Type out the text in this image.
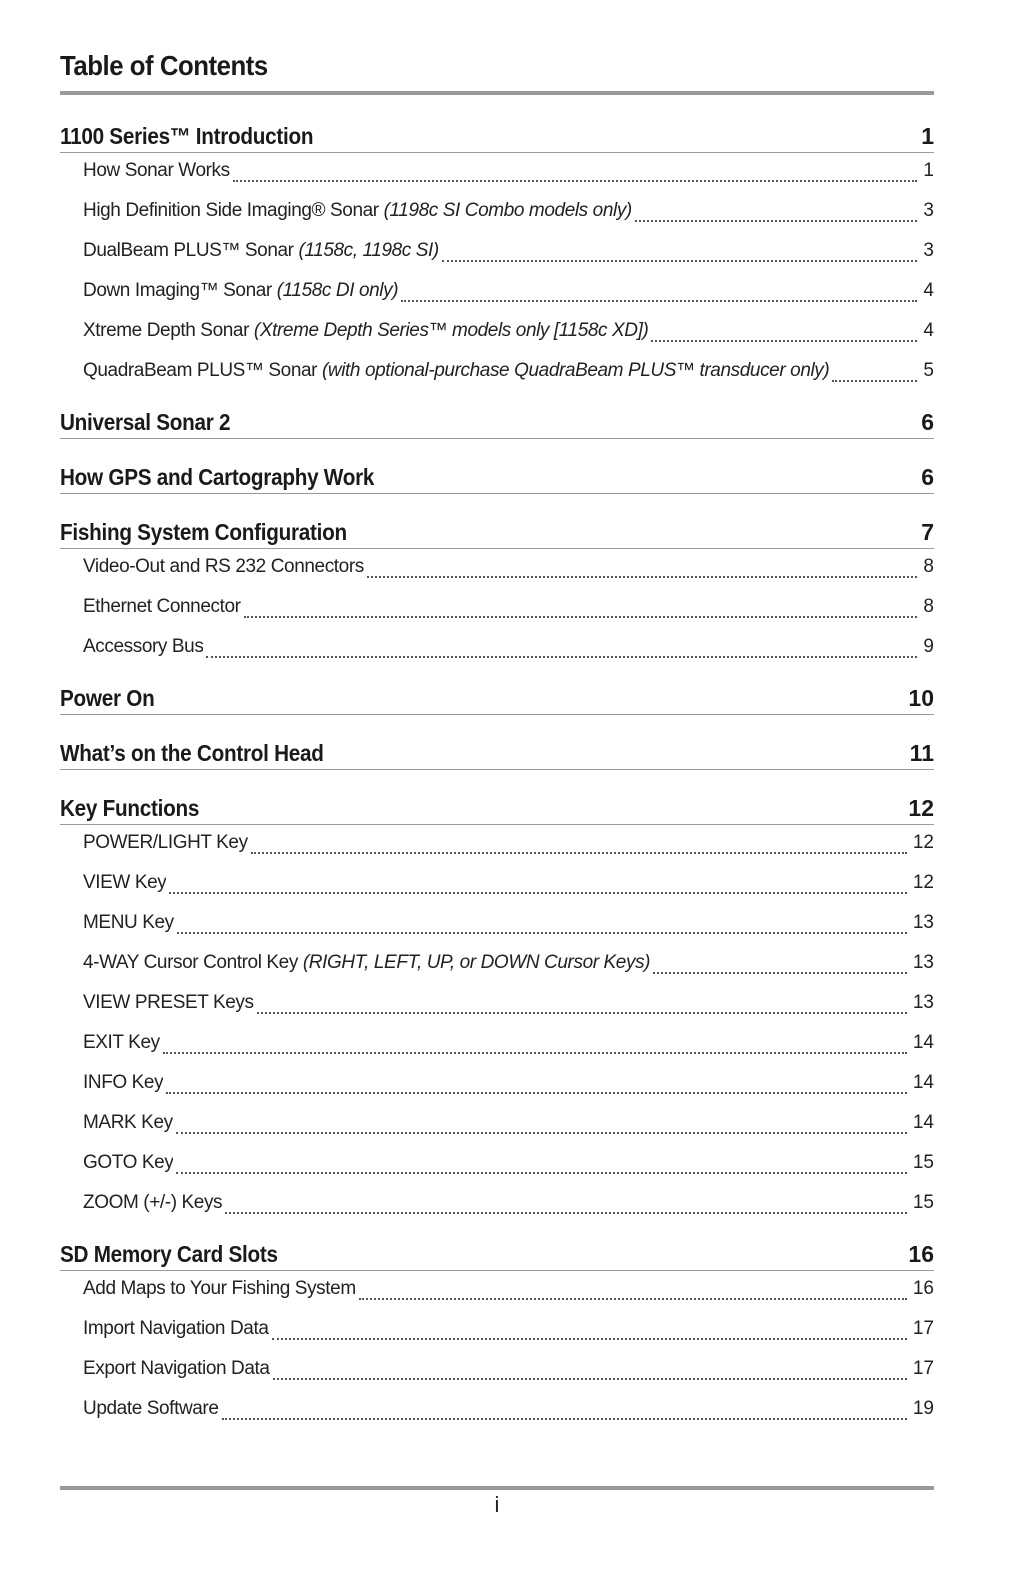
Table of Contents
1100 Series™ Introduction	1
How Sonar Works	1
High Definition Side Imaging® Sonar (1198c SI Combo models only)	3
DualBeam PLUS™ Sonar (1158c, 1198c SI)	3
Down Imaging™ Sonar (1158c DI only)	4
Xtreme Depth Sonar (Xtreme Depth Series™ models only [1158c XD])	4
QuadraBeam PLUS™ Sonar (with optional-purchase QuadraBeam PLUS™ transducer only)	5
Universal Sonar 2	6
How GPS and Cartography Work	6
Fishing System Configuration	7
Video-Out and RS 232 Connectors	8
Ethernet Connector	8
Accessory Bus	9
Power On	10
What’s on the Control Head	11
Key Functions	12
POWER/LIGHT Key	12
VIEW Key	12
MENU Key	13
4-WAY Cursor Control Key (RIGHT, LEFT, UP, or DOWN Cursor Keys)	13
VIEW PRESET Keys	13
EXIT Key	14
INFO Key	14
MARK Key	14
GOTO Key	15
ZOOM (+/-) Keys	15
SD Memory Card Slots	16
Add Maps to Your Fishing System	16
Import Navigation Data	17
Export Navigation Data	17
Update Software	19
i
